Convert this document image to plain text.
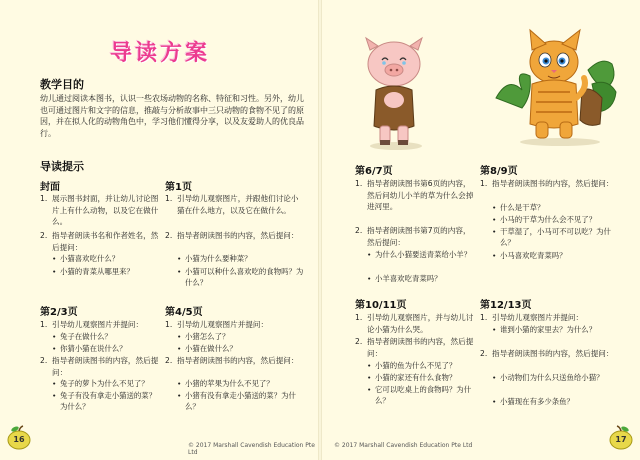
导读方案
教学目的
幼儿通过阅读本图书，认识一些农场动物的名称、特征和习性。另外，幼儿也可通过图片和文字的信息，推敲与分析故事中三只动物的食物不见了的原因，并在拟人化的动物角色中，学习他们懂得分享，以及友爱助人的优良品行。
导读提示
封面
1. 展示图书封面，并让幼儿讨论图片上有什么动物，以及它在做什么。
2. 指导者朗读书名和作者姓名，然后提问：
• 小猫喜欢吃什么？
• 小猫的青菜从哪里来？
第1页
1. 引导幼儿观察图片，并跟他们讨论小猫在什么地方，以及它在做什么。
2. 指导者朗读图书的内容，然后提问：
• 小猫为什么要种菜？
• 小猫可以种什么喜欢吃的食物吗？为什么？
第2/3页
1. 引导幼儿观察图片并提问：
• 兔子在做什么？
• 你猜小猫在说什么？
2. 指导者朗读图书的内容，然后提问：
• 兔子的萝卜为什么不见了？
• 兔子有没有拿走小猫送的菜？为什么？
第4/5页
1. 引导幼儿观察图片并提问：
• 小猪怎么了？
• 小猫在做什么？
2. 指导者朗读图书的内容，然后提问：
• 小猪的苹果为什么不见了？
• 小猪有没有拿走小猫送的菜？为什么？
16
© 2017 Marshall Cavendish Education Pte Ltd
第6/7页
1. 指导者朗读图书第6页的内容，然后问幼儿小羊的草为什么会掉进河里。
2. 指导者朗读图书第7页的内容，然后提问：
• 为什么小猫要送青菜给小羊？
• 小羊喜欢吃青菜吗？
第8/9页
1. 指导者朗读图书的内容，然后提问：
• 什么是干草？
• 小马的干草为什么会不见了？
• 干草湿了，小马可不可以吃？为什么？
• 小马喜欢吃青菜吗？
第10/11页
1. 引导幼儿观察图片，并与幼儿讨论小猫为什么哭。
2. 指导者朗读图书的内容，然后提问：
• 小猫的鱼为什么不见了？
• 小猫的家还有什么食物？
• 它可以吃桌上的食物吗？为什么？
第12/13页
1. 引导幼儿观察图片并提问：
• 谁到小猫的家里去？为什么？
2. 指导者朗读图书的内容，然后提问：
• 小动物们为什么只送鱼给小猫？
• 小猫现在有多少条鱼？
© 2017 Marshall Cavendish Education Pte Ltd
17
